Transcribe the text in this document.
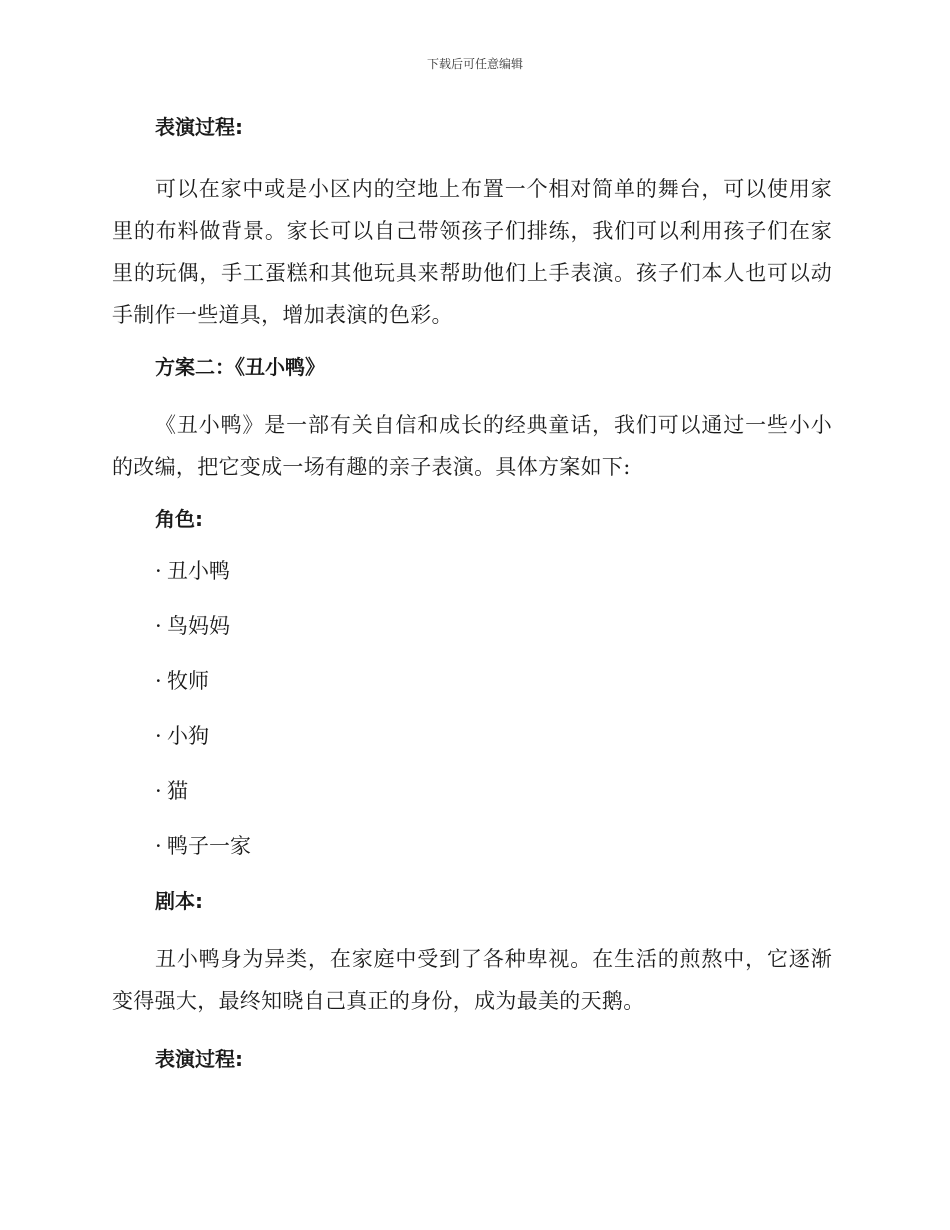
下载后可任意编辑
表演过程:

可以在家中或是小区内的空地上布置一个相对简单的舞台，可以使用家里的布料做背景。家长可以自己带领孩子们排练，我们可以利用孩子们在家里的玩偶，手工蛋糕和其他玩具来帮助他们上手表演。孩子们本人也可以动手制作一些道具，增加表演的色彩。

方案二：《丑小鸭》

《丑小鸭》是一部有关自信和成长的经典童话，我们可以通过一些小小的改编，把它变成一场有趣的亲子表演。具体方案如下:

角色:
· 丑小鸭
· 鸟妈妈
· 牧师
· 小狗
· 猫
· 鸭子一家
剧本:

丑小鸭身为异类，在家庭中受到了各种卑视。在生活的煎熬中，它逐渐变得强大，最终知晓自己真正的身份，成为最美的天鹅。

表演过程:
